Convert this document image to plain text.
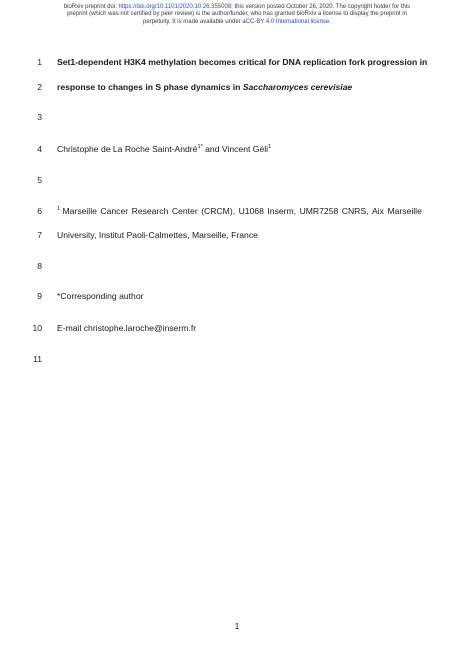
bioRxiv preprint doi: https://doi.org/10.1101/2020.10.26.355008; this version posted October 26, 2020. The copyright holder for this
preprint (which was not certified by peer review) is the author/funder, who has granted bioRxiv a license to display the preprint in
perpetuity. It is made available under aCC-BY 4.0 International license.
1 Set1-dependent H3K4 methylation becomes critical for DNA replication fork progression in
2 response to changes in S phase dynamics in Saccharomyces cerevisiae
3
4 Christophe de La Roche Saint-André$^{1*}$ and Vincent Géli$^1$
5
6	$^1$ Marseille Cancer Research Center (CRCM), U1068 Inserm, UMR7258 CNRS, Aix Marseille
7 University, Institut Paoli-Calmettes, Marseille, France
8
9 *Corresponding author
10 E-mail christophe.laroche@inserm.fr
11
1
